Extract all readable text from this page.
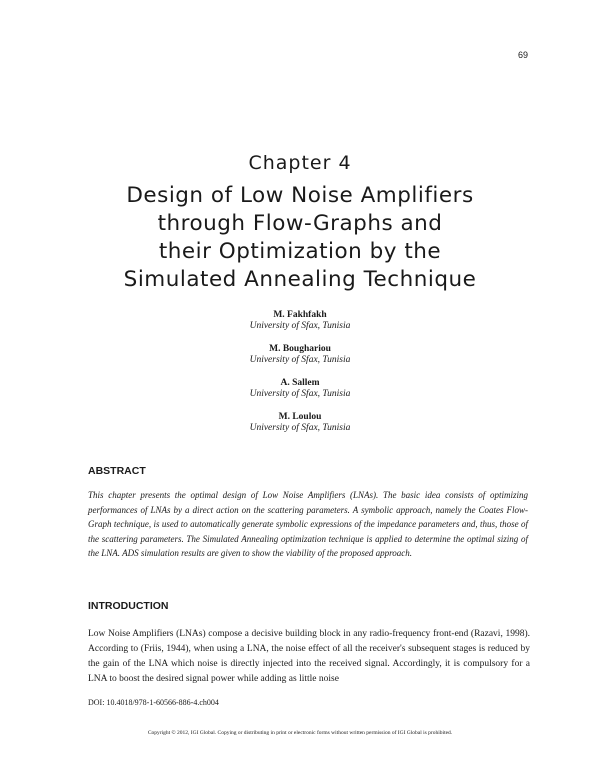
69
Chapter 4
Design of Low Noise Amplifiers
through Flow-Graphs and
their Optimization by the
Simulated Annealing Technique
M. Fakhfakh
University of Sfax, Tunisia
M. Boughariou
University of Sfax, Tunisia
A. Sallem
University of Sfax, Tunisia
M. Loulou
University of Sfax, Tunisia
ABSTRACT
This chapter presents the optimal design of Low Noise Amplifiers (LNAs). The basic idea consists of optimizing performances of LNAs by a direct action on the scattering parameters. A symbolic approach, namely the Coates Flow-Graph technique, is used to automatically generate symbolic expressions of the impedance parameters and, thus, those of the scattering parameters. The Simulated Annealing optimization technique is applied to determine the optimal sizing of the LNA. ADS simulation results are given to show the viability of the proposed approach.
INTRODUCTION
Low Noise Amplifiers (LNAs) compose a decisive building block in any radio-frequency front-end (Razavi, 1998). According to (Friis, 1944), when using a LNA, the noise effect of all the receiver's subsequent stages is reduced by the gain of the LNA which noise is directly injected into the received signal. Accordingly, it is compulsory for a LNA to boost the desired signal power while adding as little noise
DOI: 10.4018/978-1-60566-886-4.ch004
Copyright © 2012, IGI Global. Copying or distributing in print or electronic forms without written permission of IGI Global is prohibited.
